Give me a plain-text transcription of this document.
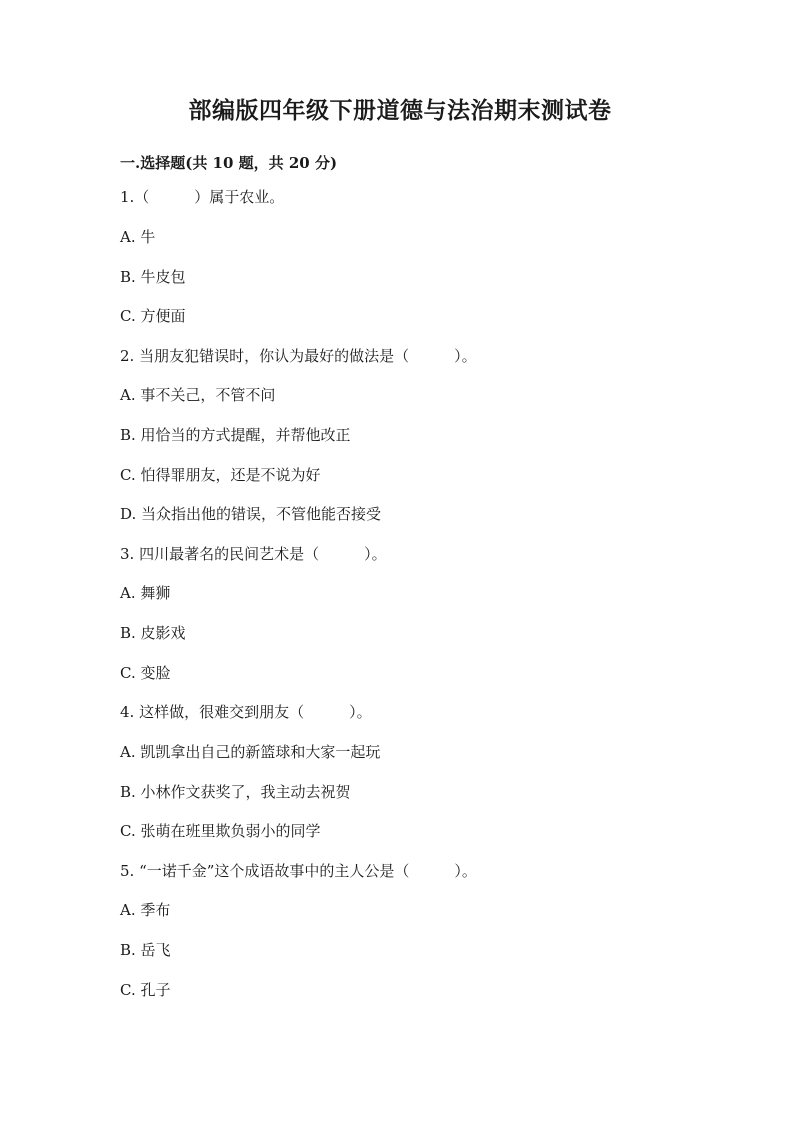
部编版四年级下册道德与法治期末测试卷
一.选择题(共 10 题，共 20 分)
1.（　　　）属于农业。
A. 牛
B. 牛皮包
C. 方便面
2. 当朋友犯错误时，你认为最好的做法是（　　　）。
A. 事不关己，不管不问
B. 用恰当的方式提醒，并帮他改正
C. 怕得罪朋友，还是不说为好
D. 当众指出他的错误，不管他能否接受
3. 四川最著名的民间艺术是（　　　）。
A. 舞狮
B. 皮影戏
C. 变脸
4. 这样做，很难交到朋友（　　　）。
A. 凯凯拿出自己的新篮球和大家一起玩
B. 小林作文获奖了，我主动去祝贺
C. 张萌在班里欺负弱小的同学
5. “一诺千金”这个成语故事中的主人公是（　　　）。
A. 季布
B. 岳飞
C. 孔子
